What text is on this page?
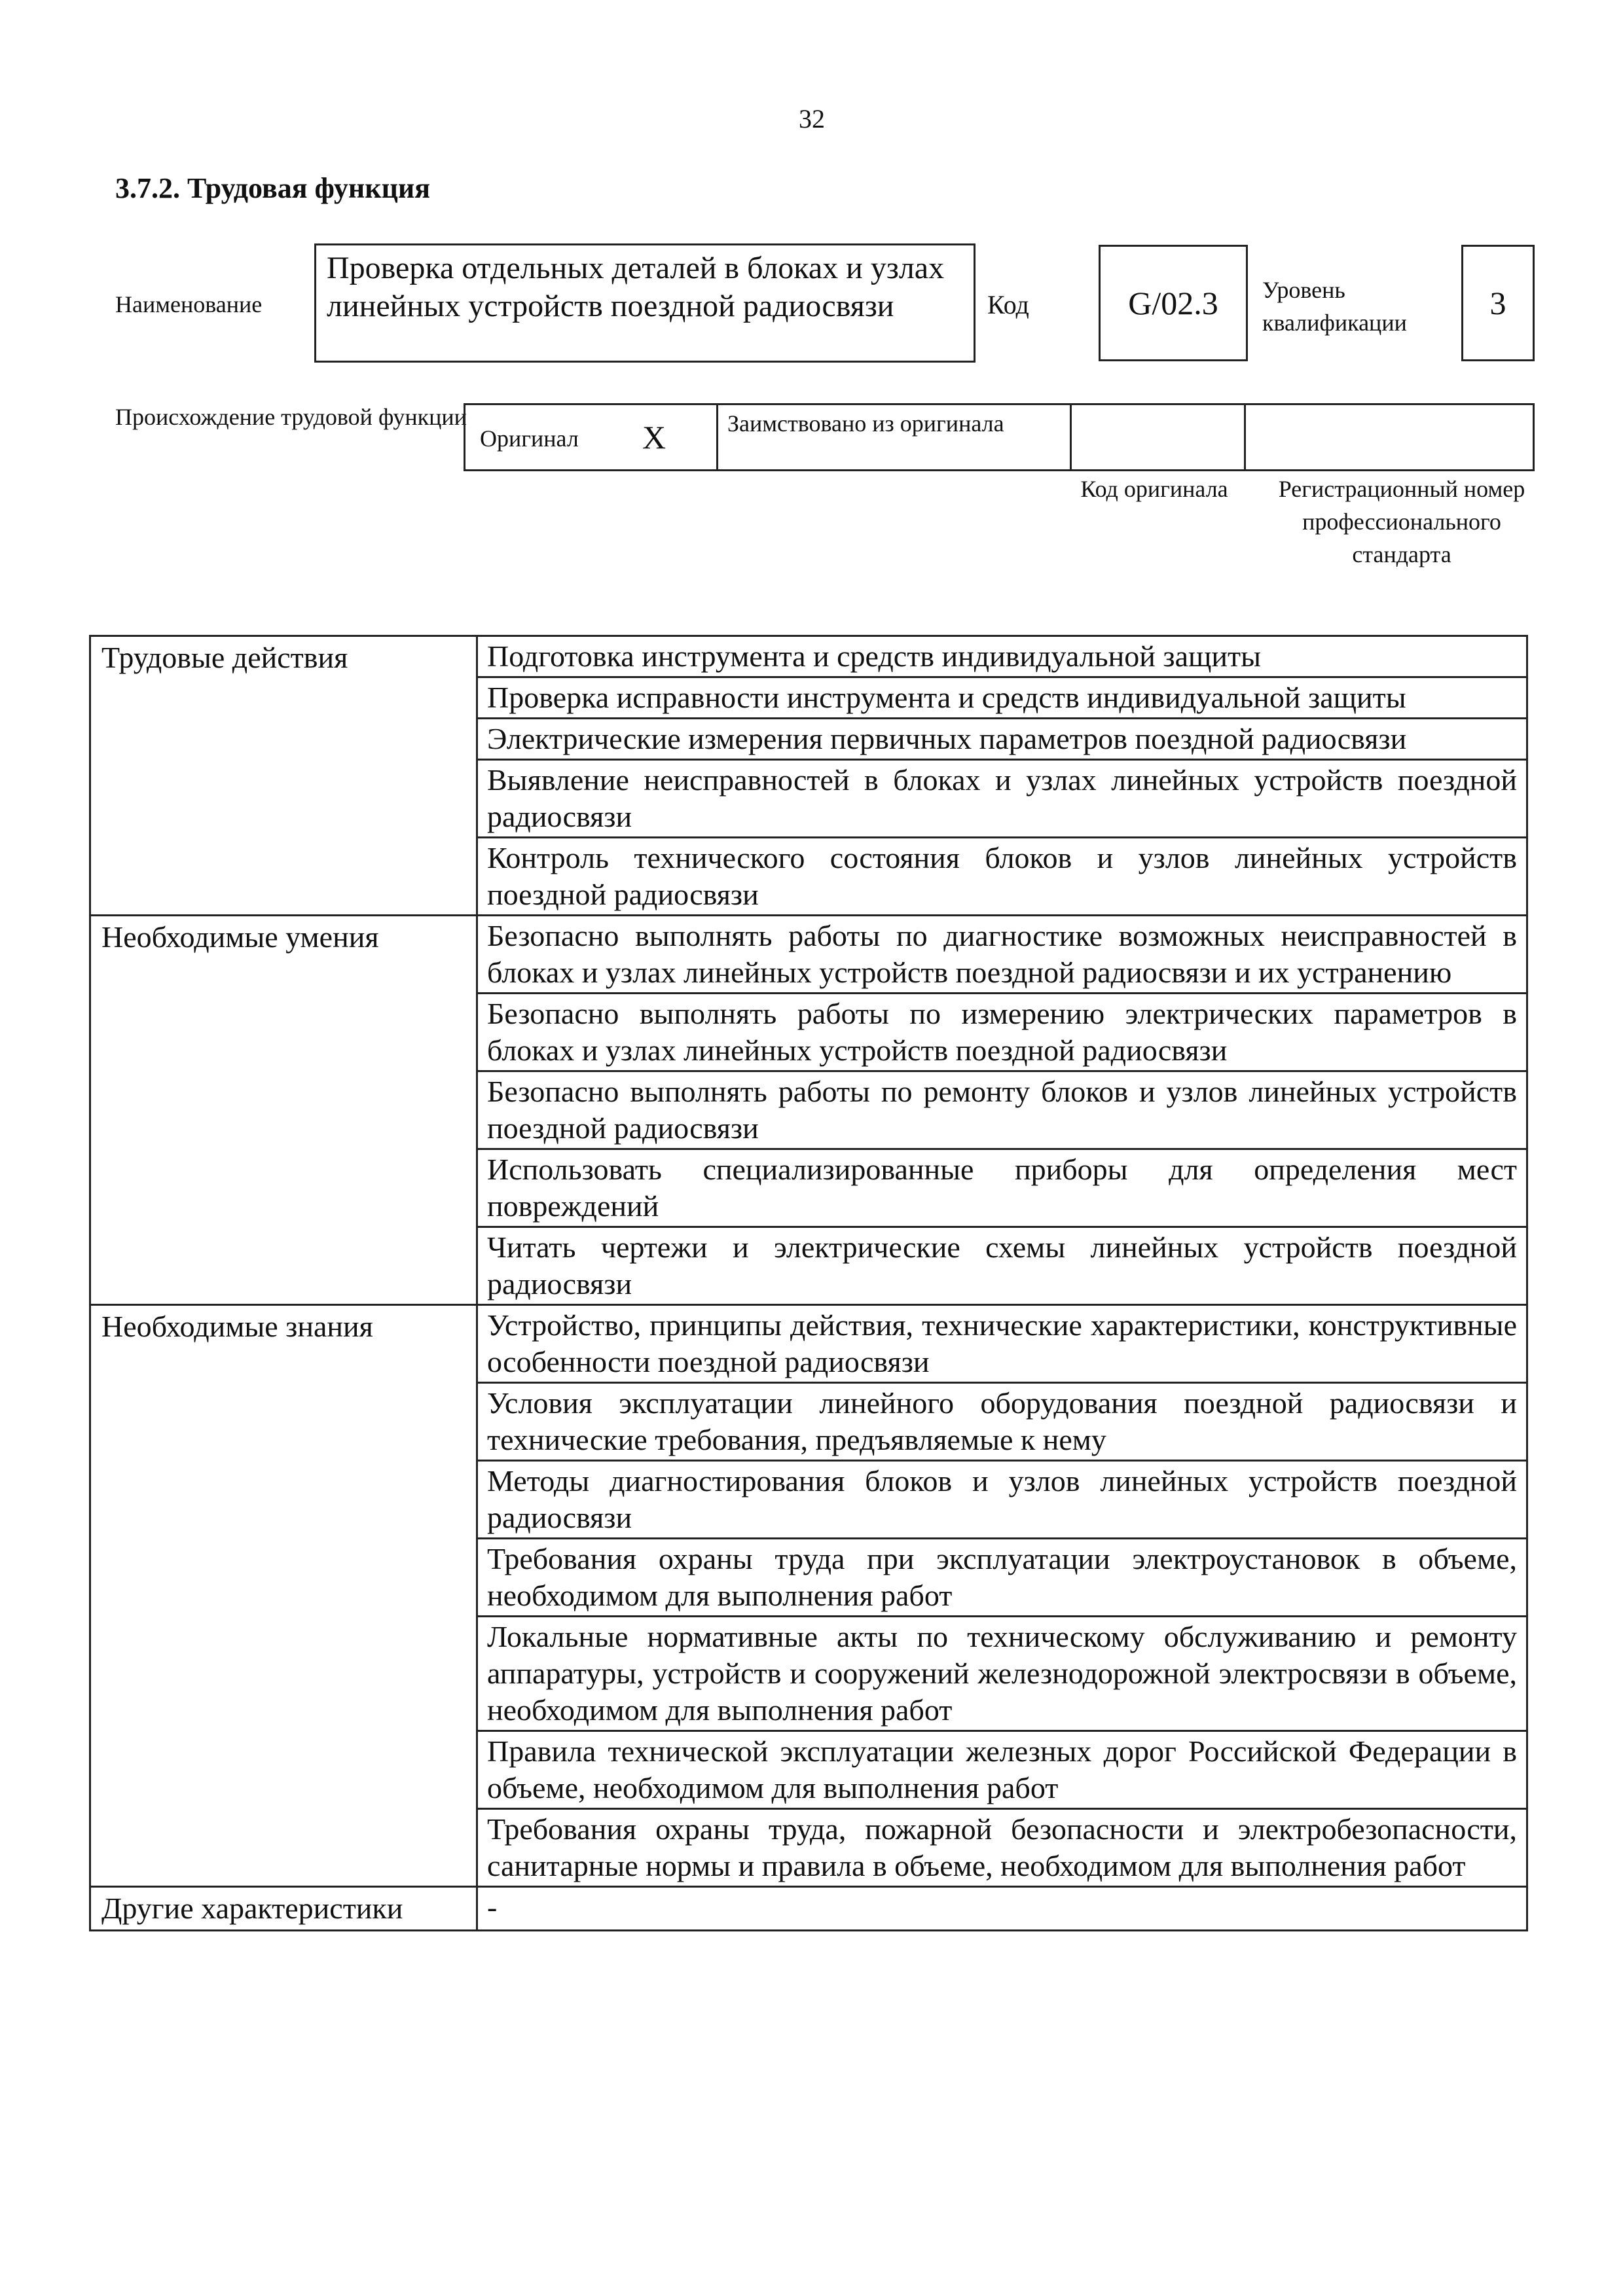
32
3.7.2. Трудовая функция
Наименование
Проверка отдельных деталей в блоках и узлах линейных устройств поездной радиосвязи	Код	G/02.3	Уровень
квалификации
3
Происхождение трудовой функции
Оригинал X	Заимствовано из оригинала
Код оригинала	Регистрационный номер профессионального стандарта
Трудовые действия	Подготовка инструмента и средств индивидуальной защиты
	Проверка исправности инструмента и средств индивидуальной защиты
	Электрические измерения первичных параметров поездной радиосвязи
	Выявление неисправностей в блоках и узлах линейных устройств поездной радиосвязи
	Контроль технического состояния блоков и узлов линейных устройств поездной радиосвязи
Необходимые умения	Безопасно выполнять работы по диагностике возможных неисправностей в блоках и узлах линейных устройств поездной радиосвязи и их устранению
	Безопасно выполнять работы по измерению электрических параметров в блоках и узлах линейных устройств поездной радиосвязи
	Безопасно выполнять работы по ремонту блоков и узлов линейных устройств поездной радиосвязи
	Использовать специализированные приборы для определения мест повреждений
	Читать чертежи и электрические схемы линейных устройств поездной радиосвязи
Необходимые знания	Устройство, принципы действия, технические характеристики, конструктивные особенности поездной радиосвязи
	Условия эксплуатации линейного оборудования поездной радиосвязи и технические требования, предъявляемые к нему
	Методы диагностирования блоков и узлов линейных устройств поездной радиосвязи
	Требования охраны труда при эксплуатации электроустановок в объеме, необходимом для выполнения работ
	Локальные нормативные акты по техническому обслуживанию и ремонту аппаратуры, устройств и сооружений железнодорожной электросвязи в объеме, необходимом для выполнения работ
	Правила технической эксплуатации железных дорог Российской Федерации в объеме, необходимом для выполнения работ
	Требования охраны труда, пожарной безопасности и электробезопасности, санитарные нормы и правила в объеме, необходимом для выполнения работ
Другие характеристики	-
